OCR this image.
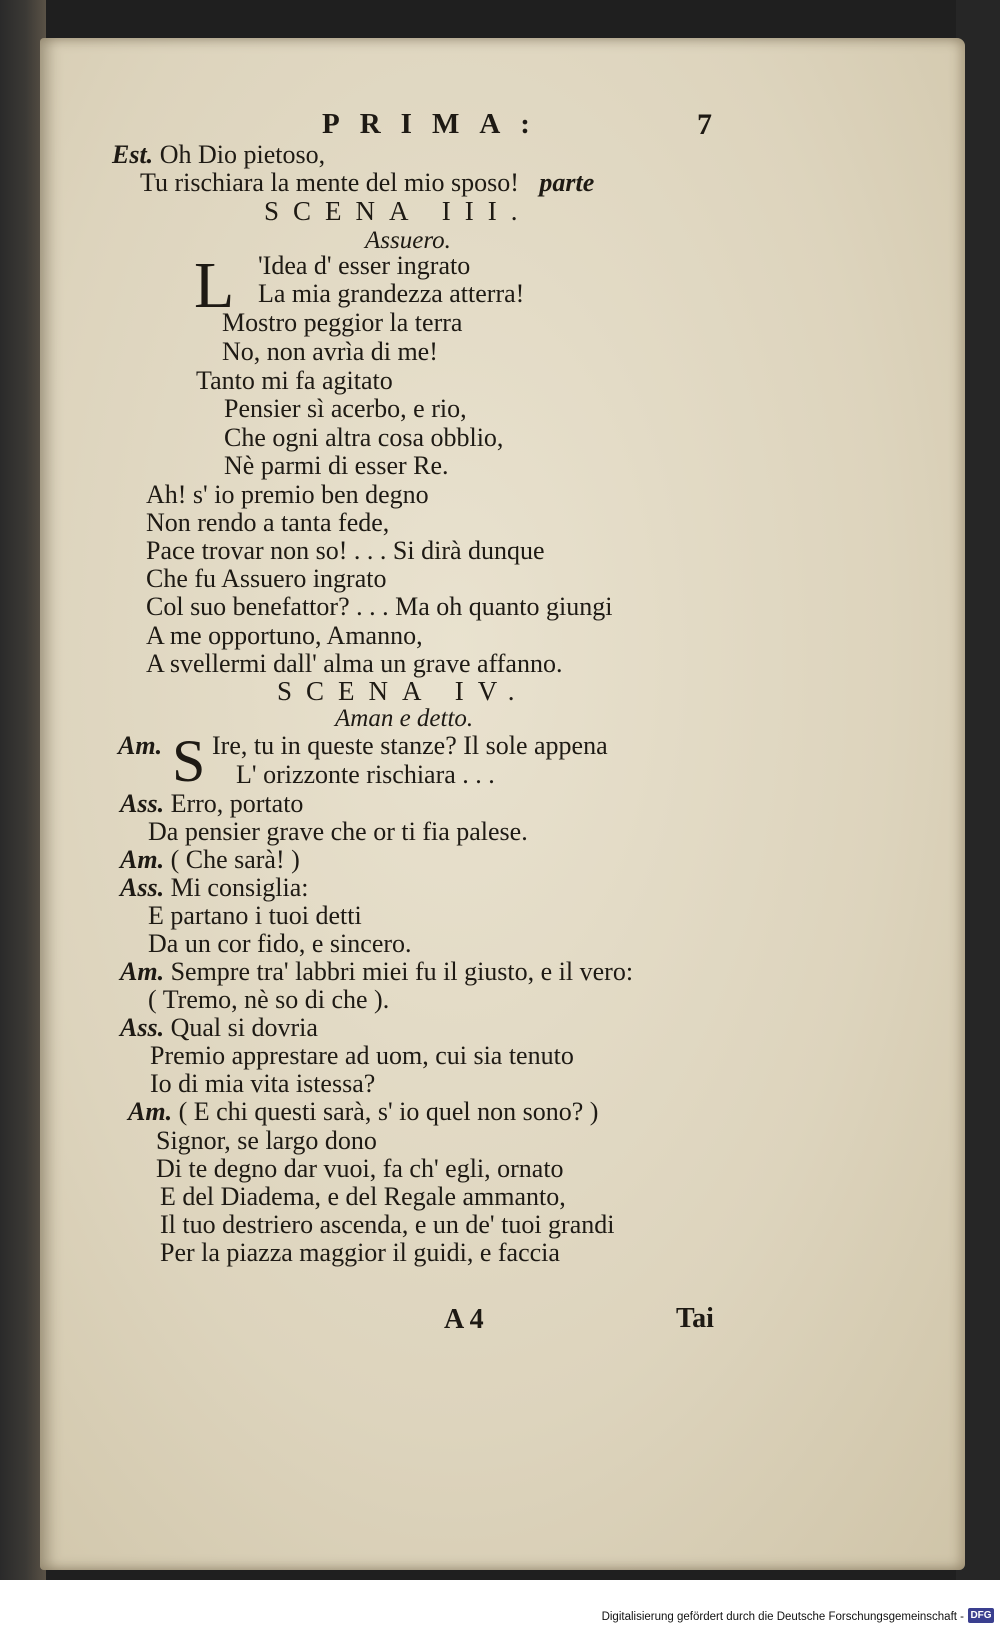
PRIMA:	7
Est. Oh Dio pietoso,
Tu rischiara la mente del mio sposo! parte
SCENA III.
Assuero.
L 'Idea d' esser ingrato
La mia grandezza atterra!
Mostro peggior la terra
No, non avrìa di me!
Tanto mi fa agitato
Pensier sì acerbo, e rio,
Che ogni altra cosa obblio,
Nè parmi di esser Re.
Ah! s' io premio ben degno
Non rendo a tanta fede,
Pace trovar non so! . . . Si dirà dunque
Che fu Assuero ingrato
Col suo benefattor? . . . Ma oh quanto giungi
A me opportuno, Amanno,
A svellermi dall' alma un grave affanno.
SCENA IV.
Aman e detto.
Am. S Ire, tu in queste stanze? Il sole appena
L' orizzonte rischiara . . .
Ass. Erro, portato
Da pensier grave che or ti fia palese.
Am. ( Che sarà! )
Ass. Mi consiglia:
E partano i tuoi detti
Da un cor fido, e sincero.
Am. Sempre tra' labbri miei fu il giusto, e il vero:
( Tremo, nè so di che ).
Ass. Qual si dovria
Premio apprestare ad uom, cui sia tenuto
Io di mia vita istessa?
Am. ( E chi questi sarà, s' io quel non sono? )
Signor, se largo dono
Di te degno dar vuoi, fa ch' egli, ornato
E del Diadema, e del Regale ammanto,
Il tuo destriero ascenda, e un de' tuoi grandi
Per la piazza maggior il guidi, e faccia
A 4	Tai
Digitalisierung gefördert durch die Deutsche Forschungsgemeinschaft - DFG
